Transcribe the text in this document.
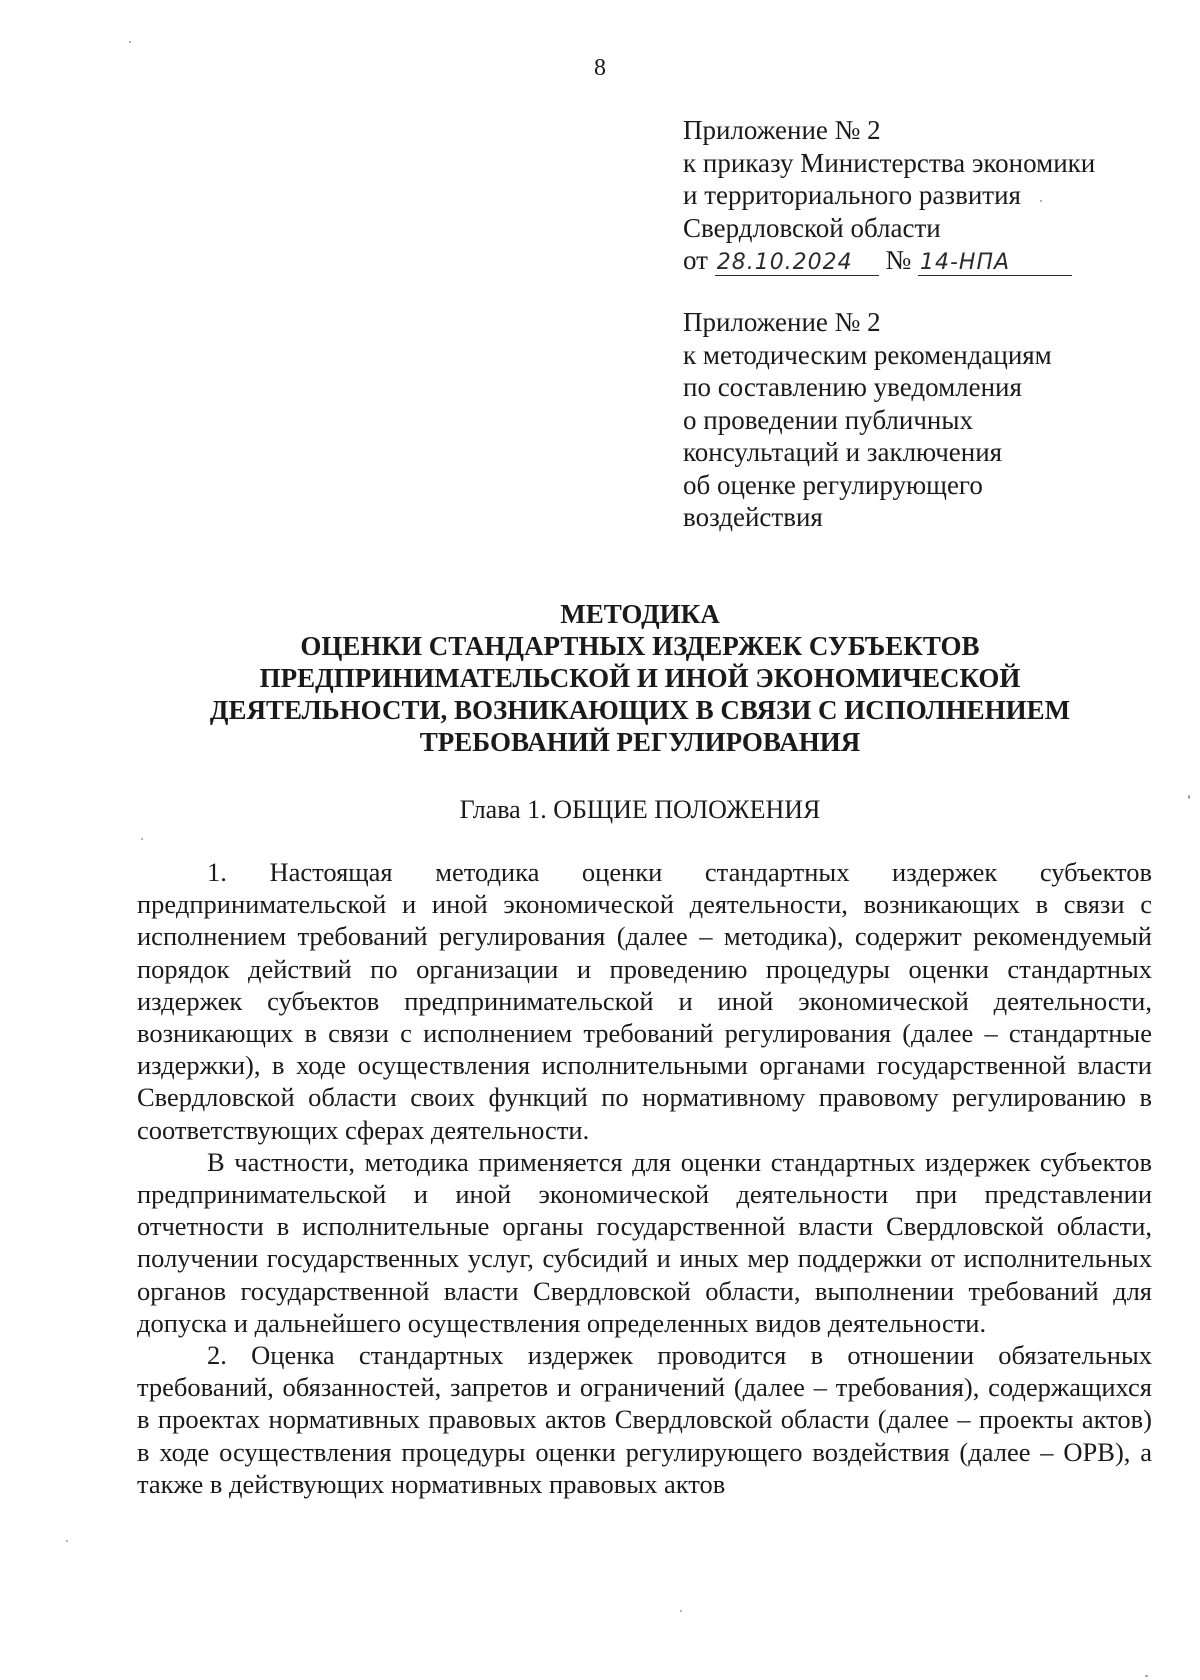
8
Приложение № 2
к приказу Министерства экономики
и территориального развития
Свердловской области
от 28.10.2024 № 14-НПА
Приложение № 2
к методическим рекомендациям
по составлению уведомления
о проведении публичных
консультаций и заключения
об оценке регулирующего
воздействия
МЕТОДИКА
ОЦЕНКИ СТАНДАРТНЫХ ИЗДЕРЖЕК СУБЪЕКТОВ
ПРЕДПРИНИМАТЕЛЬСКОЙ И ИНОЙ ЭКОНОМИЧЕСКОЙ
ДЕЯТЕЛЬНОСТИ, ВОЗНИКАЮЩИХ В СВЯЗИ С ИСПОЛНЕНИЕМ
ТРЕБОВАНИЙ РЕГУЛИРОВАНИЯ
Глава 1. ОБЩИЕ ПОЛОЖЕНИЯ

1. Настоящая методика оценки стандартных издержек субъектов предпринимательской и иной экономической деятельности, возникающих в связи с исполнением требований регулирования (далее – методика), содержит рекомендуемый порядок действий по организации и проведению процедуры оценки стандартных издержек субъектов предпринимательской и иной экономической деятельности, возникающих в связи с исполнением требований регулирования (далее – стандартные издержки), в ходе осуществления исполнительными органами государственной власти Свердловской области своих функций по нормативному правовому регулированию в соответствующих сферах деятельности.

В частности, методика применяется для оценки стандартных издержек субъектов предпринимательской и иной экономической деятельности при представлении отчетности в исполнительные органы государственной власти Свердловской области, получении государственных услуг, субсидий и иных мер поддержки от исполнительных органов государственной власти Свердловской области, выполнении требований для допуска и дальнейшего осуществления определенных видов деятельности.

2. Оценка стандартных издержек проводится в отношении обязательных требований, обязанностей, запретов и ограничений (далее – требования), содержащихся в проектах нормативных правовых актов Свердловской области (далее – проекты актов) в ходе осуществления процедуры оценки регулирующего воздействия (далее – ОРВ), а также в действующих нормативных правовых актов
